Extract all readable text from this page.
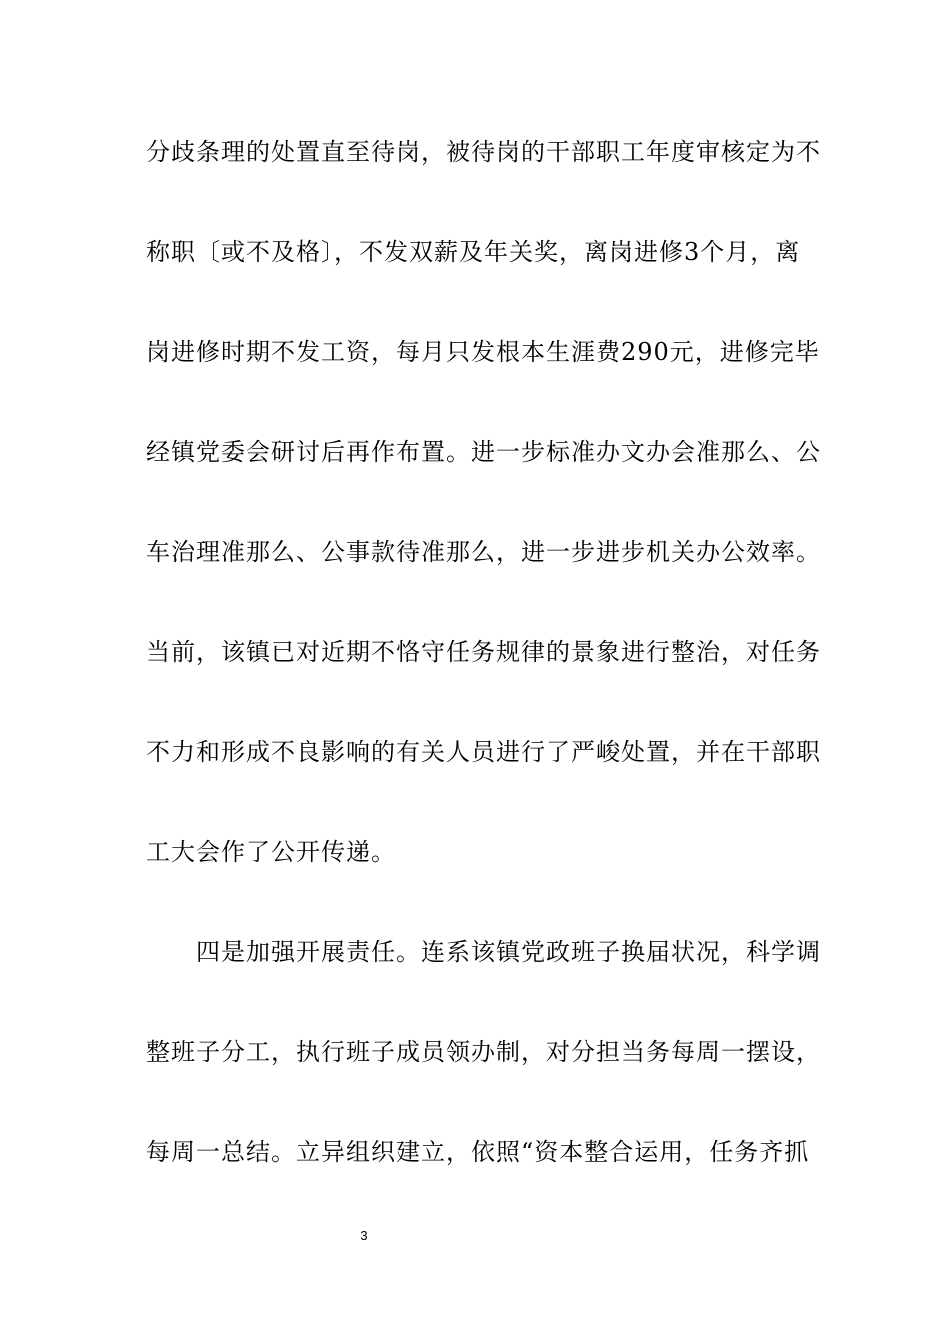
分歧条理的处置直至待岗，被待岗的干部职工年度审核定为不
称职〔或不及格〕，不发双薪及年关奖，离岗进修3个月，离
岗进修时期不发工资，每月只发根本生涯费290元，进修完毕
经镇党委会研讨后再作布置。进一步标准办文办会准那么、公
车治理准那么、公事款待准那么，进一步进步机关办公效率。
当前，该镇已对近期不恪守任务规律的景象进行整治，对任务
不力和形成不良影响的有关人员进行了严峻处置，并在干部职
工大会作了公开传递。
　　四是加强开展责任。连系该镇党政班子换届状况，科学调
整班子分工，执行班子成员领办制，对分担当务每周一摆设，
每周一总结。立异组织建立，依照“资本整合运用，任务齐抓
3
